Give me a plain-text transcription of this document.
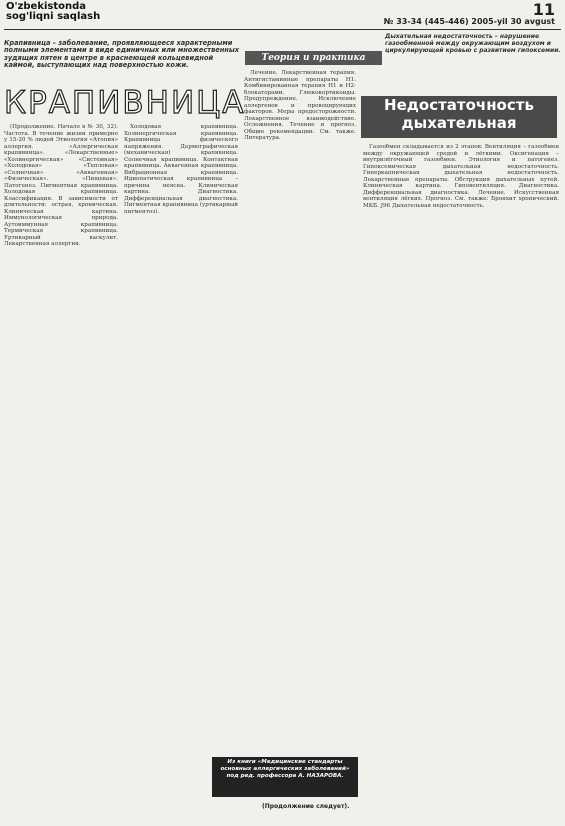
O'zbekistonda
sog'liqni saqlash	11
№ 33-34 (445-446) 2005-yil 30 avgust
Крапивница – заболевание, проявляющееся характерными полными элементами в виде единичных или множественных зудящих пятен в центре в краснеющей кольцевидной каймой, выступающих над поверхностью кожи.
КРАПИВНИЦА

(Продолжение. Начало в № 30, 32). Частота. В течение жизни примерно у 15-20 % людей Этиология «Атопия» аллергия. «Аллергическая крапивница». «Лекарственные» «Холинергическая» «Системная» «Холодовая» «Тепловая» «Солнечная» «Аквагенная» «Физическая». «Пищевая». Патогенез. Пигментная крапивница. Холодовая крапивница. Классификация. В зависимости от длительности: острая, хроническая. Клиническая картина. Иммунологическая природа. Аутоиммунная крапивница. Термическая крапивница. Уртикарный васкулит. Лекарственная аллергия.

Холодовая крапивница. Холинергическая крапивница. Крапивница физического напряжения. Дермографическая (механическая) крапивница. Солнечная крапивница. Контактная крапивница. Аквагенная крапивница. Вибрационная крапивница. Идиопатическая крапивница – причина неясна. Клиническая картина. Диагностика. Дифференциальная диагностика. Пигментная крапивница (уртикарный пигментоз).

Теория и практика

Лечение. Лекарственная терапия. Антигистаминные препараты H1. Комбинированная терапия H1 и H2-блокаторами. Глюкокортикоиды. Предупреждение. Исключение аллергенов и провоцирующих факторов. Меры предосторожности. Лекарственное взаимодействие. Осложнения. Течение и прогноз. Общие рекомендации. См. также. Литература.

Из книги «Медицинские стандарты основных аллергических заболеваний» под ред. профессора А. НАЗАРОВА.
(Продолжение следует).
Дыхательная недостаточность – нарушение газообменной между окружающим воздухом и циркулирующей кровью с развитием гипоксемии.
Недостаточность дыхательная

Газообмен складывается из 2 этапов: Вентиляция – газообмен между окружающей средой и лёгкими. Оксигенация – внутрилёгочный газообмен. Этиология и патогенез. Гипоксемическая дыхательная недостаточность. Гиперкапническая дыхательная недостаточность. Лекарственные препараты. Обструкция дыхательных путей. Клиническая картина. Гиповентиляция. Диагностика. Дифференциальная диагностика. Лечение. Искусственная вентиляция лёгких. Прогноз. См. также: Бронхит хронический. МКБ. J96 Дыхательная недостаточность.
